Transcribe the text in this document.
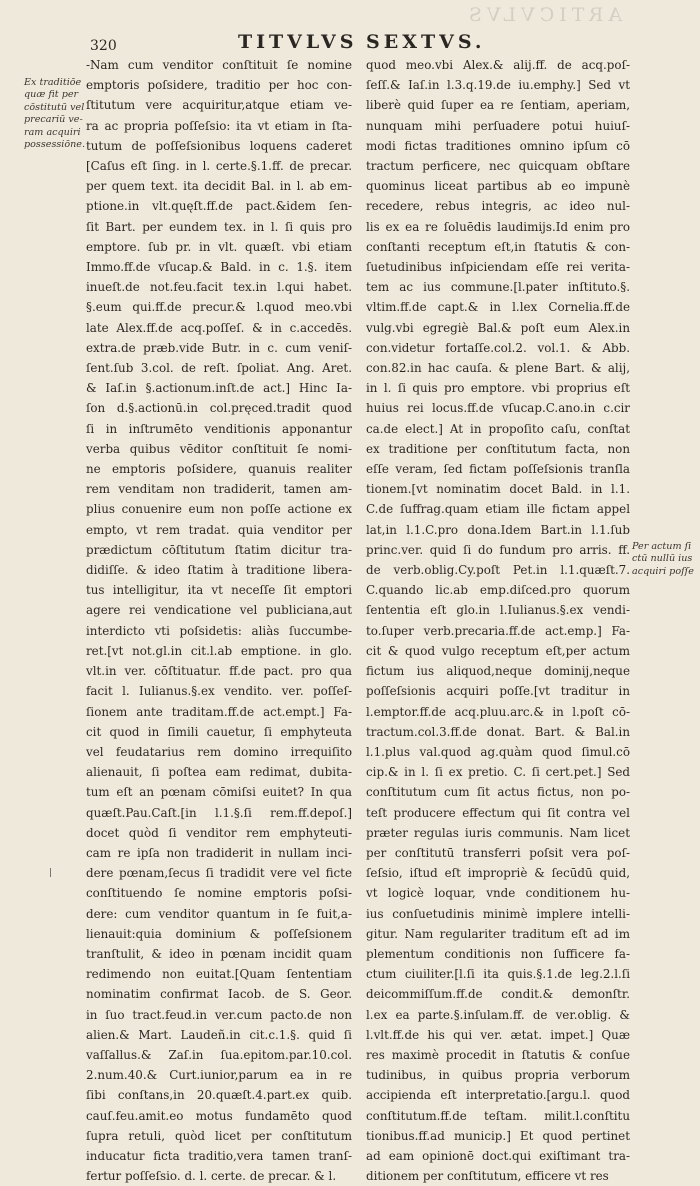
ARTICVLVS
320	TITVLVS SEXTVS.
Ex traditiōe
quæ fit per
cōstitutū vel
precariū ve-
ram acquiri
possessiōne.
Per actum ſi
ctū nullū ius
acquiri poſſe
-Nam cum venditor conſtituit ſe nomine
emptoris poſsidere, traditio per hoc con-
ſtitutum vere acquiritur,atque etiam ve-
ra ac propria poſſeſsio: ita vt etiam in ſta-
tutum de poſſeſsionibus loquens caderet
[Caſus eſt ſing. in l. certe.§.1.ff. de precar.
per quem text. ita decidit Bal. in l. ab em-
ptione.in vlt.quęſt.ff.de pact.&idem ſen-
ſit Bart. per eundem tex. in l. ſi quis pro
emptore. ſub pr. in vlt. quæſt. vbi etiam
Immo.ff.de vſucap.& Bald. in c. 1.§. item
inueſt.de not.feu.facit tex.in l.qui habet.
§.eum qui.ff.de precur.& l.quod meo.vbi
late Alex.ff.de acq.poſſeſ. & in c.accedēs.
extra.de præb.vide Butr. in c. cum veniſ-
ſent.ſub 3.col. de reſt. ſpoliat. Ang. Aret.
& Iaſ.in §.actionum.inſt.de act.] Hinc Ia-
ſon d.§.actionū.in col.pręced.tradit quod
ſi in inſtrumēto venditionis apponantur
verba quibus vēditor conſtituit ſe nomi-
ne emptoris poſsidere, quanuis realiter
rem venditam non tradiderit, tamen am-
plius conuenire eum non poſſe actione ex
empto, vt rem tradat. quia venditor per
prædictum cōſtitutum ſtatim dicitur tra-
didiſſe. & ideo ſtatim à traditione libera-
tus intelligitur, ita vt neceſſe ſit emptori
agere rei vendicatione vel publiciana,aut
interdicto vti poſsidetis: aliàs ſuccumbe-
ret.[vt not.gl.in cit.l.ab emptione. in glo.
vlt.in ver. cōſtituatur. ff.de pact. pro qua
facit l. Iulianus.§.ex vendito. ver. poſſeſ-
ſionem ante traditam.ff.de act.empt.] Fa-
cit quod in ſimili cauetur, ſi emphyteuta
vel feudatarius rem domino irrequiſito
alienauit, ſi poſtea eam redimat, dubita-
tum eſt an pœnam cōmiſsi euitet? In qua
quæſt.Pau.Caſt.[in l.1.§.ſi rem.ff.depoſ.]
docet quòd ſi venditor rem emphyteuti-
cam re ipſa non tradiderit in nullam inci-
dere pœnam,ſecus ſi tradidit vere vel ficte
conſtituendo ſe nomine emptoris poſsi-
dere: cum venditor quantum in ſe fuit,a-
lienauit:quia dominium & poſſeſsionem
tranſtulit, & ideo in pœnam incidit quam
redimendo non euitat.[Quam ſententiam
nominatim confirmat Iacob. de S. Geor.
in ſuo tract.feud.in ver.cum pacto.de non
alien.& Mart. Laudeñ.in cit.c.1.§. quid ſi
vaſſallus.& Zaſ.in ſua.epitom.par.10.col.
2.num.40.& Curt.iunior,parum ea in re
ſibi conſtans,in 20.quæſt.4.part.ex quib.
cauſ.feu.amit.eo motus fundamēto quod
ſupra retuli, quòd licet per conſtitutum
inducatur ficta traditio,vera tamen tranſ-
fertur poſſeſsio. d. l. certe. de precar. & l.
quod meo.vbi Alex.& alij.ff. de acq.poſ-
ſeſſ.& Iaſ.in l.3.q.19.de iu.emphy.] Sed vt
liberè quid ſuper ea re ſentiam, aperiam,
nunquam mihi perſuadere potui huiuſ-
modi fictas traditiones omnino ipſum cō
tractum perficere, nec quicquam obſtare
quominus liceat partibus ab eo impunè
recedere, rebus integris, ac ideo nul-
lis ex ea re ſoluēdis laudimijs.Id enim pro
conſtanti receptum eſt,in ſtatutis & con-
ſuetudinibus inſpiciendam eſſe rei verita-
tem ac ius commune.[l.pater inſtituto.§.
vltim.ff.de capt.& in l.lex Cornelia.ff.de
vulg.vbi egregiè Bal.& poſt eum Alex.in
con.videtur fortaſſe.col.2. vol.1. & Abb.
con.82.in hac cauſa. & plene Bart. & alij,
in l. ſi quis pro emptore. vbi proprius eſt
huius rei locus.ff.de vſucap.C.ano.in c.cir
ca.de elect.] At in propoſito caſu, conſtat
ex traditione per conſtitutum facta, non
eſſe veram, ſed fictam poſſeſsionis tranſla
tionem.[vt nominatim docet Bald. in l.1.
C.de ſuffrag.quam etiam ille fictam appel
lat,in l.1.C.pro dona.Idem Bart.in l.1.ſub
princ.ver. quid ſi do fundum pro arris. ff.
de verb.oblig.Cy.poſt Pet.in l.1.quæſt.7.
C.quando lic.ab emp.diſced.pro quorum
ſententia eſt glo.in l.Iulianus.§.ex vendi-
to.ſuper verb.precaria.ff.de act.emp.] Fa-
cit & quod vulgo receptum eſt,per actum
fictum ius aliquod,neque dominij,neque
poſſeſsionis acquiri poſſe.[vt traditur in
l.emptor.ff.de acq.pluu.arc.& in l.poſt cō-
tractum.col.3.ff.de donat. Bart. & Bal.in
l.1.plus val.quod ag.quàm quod ſimul.cō
cip.& in l. ſi ex pretio. C. ſi cert.pet.] Sed
conſtitutum cum ſit actus fictus, non po-
teſt producere effectum qui ſit contra vel
præter regulas iuris communis. Nam licet
per conſtitutū transferri poſsit vera poſ-
ſeſsio, iſtud eſt impropriè & ſecūdū quid,
vt logicè loquar, vnde conditionem hu-
ius conſuetudinis minimè implere intelli-
gitur. Nam regulariter traditum eſt ad im
plementum conditionis non ſufficere fa-
ctum ciuiliter.[l.ſi ita quis.§.1.de leg.2.l.ſi
deicommiſſum.ff.de condit.& demonſtr.
l.ex ea parte.§.inſulam.ff. de ver.oblig. &
l.vlt.ff.de his qui ver. ætat. impet.] Quæ
res maximè procedit in ſtatutis & conſue
tudinibus, in quibus propria verborum
accipienda eſt interpretatio.[argu.l. quod
conſtitutum.ff.de teſtam. milit.l.conſtitu
tionibus.ff.ad municip.] Et quod pertinet
ad eam opinionē doct.qui exiſtimant tra-
ditionem per conſtitutum, efficere vt res
